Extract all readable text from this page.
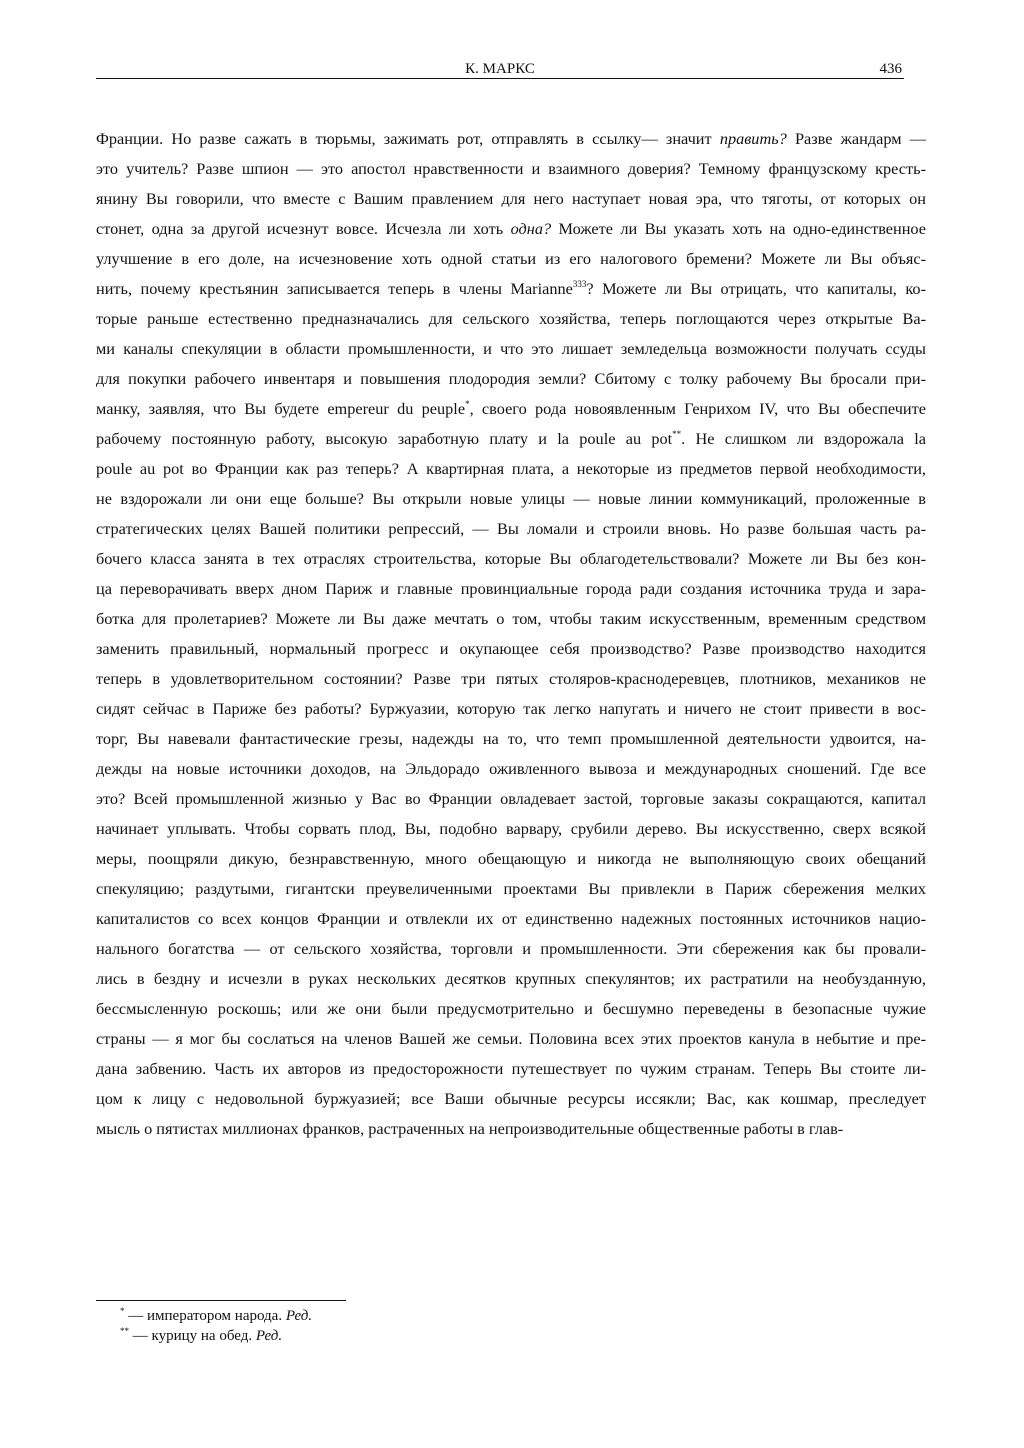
К. МАРКС	436
Франции. Но разве сажать в тюрьмы, зажимать рот, отправлять в ссылку— значит править? Разве жандарм —
это учитель? Разве шпион — это апостол нравственности и взаимного доверия? Темному французскому кресть-
янину Вы говорили, что вместе с Вашим правлением для него наступает новая эра, что тяготы, от которых он
стонет, одна за другой исчезнут вовсе. Исчезла ли хоть одна? Можете ли Вы указать хоть на одно-единственное
улучшение в его доле, на исчезновение хоть одной статьи из его налогового бремени? Можете ли Вы объяс-
нить, почему крестьянин записывается теперь в члены Marianne$^{333}$? Можете ли Вы отрицать, что капиталы, ко-
торые раньше естественно предназначались для сельского хозяйства, теперь поглощаются через открытые Ва-
ми каналы спекуляции в области промышленности, и что это лишает земледельца возможности получать ссуды
для покупки рабочего инвентаря и повышения плодородия земли? Сбитому с толку рабочему Вы бросали при-
манку, заявляя, что Вы будете empereur du peuple*, своего рода новоявленным Генрихом IV, что Вы обеспечите
рабочему постоянную работу, высокую заработную плату и la poule au pot**. Не слишком ли вздорожала la
poule au pot во Франции как раз теперь? А квартирная плата, а некоторые из предметов первой необходимости,
не вздорожали ли они еще больше? Вы открыли новые улицы — новые линии коммуникаций, проложенные в
стратегических целях Вашей политики репрессий, — Вы ломали и строили вновь. Но разве большая часть ра-
бочего класса занята в тех отраслях строительства, которые Вы облагодетельствовали? Можете ли Вы без кон-
ца переворачивать вверх дном Париж и главные провинциальные города ради создания источника труда и зара-
ботка для пролетариев? Можете ли Вы даже мечтать о том, чтобы таким искусственным, временным средством
заменить правильный, нормальный прогресс и окупающее себя производство? Разве производство находится
теперь в удовлетворительном состоянии? Разве три пятых столяров-краснодеревцев, плотников, механиков не
сидят сейчас в Париже без работы? Буржуазии, которую так легко напугать и ничего не стоит привести в вос-
торг, Вы навевали фантастические грезы, надежды на то, что темп промышленной деятельности удвоится, на-
дежды на новые источники доходов, на Эльдорадо оживленного вывоза и международных сношений. Где все
это? Всей промышленной жизнью у Вас во Франции овладевает застой, торговые заказы сокращаются, капитал
начинает уплывать. Чтобы сорвать плод, Вы, подобно варвару, срубили дерево. Вы искусственно, сверх всякой
меры, поощряли дикую, безнравственную, много обещающую и никогда не выполняющую своих обещаний
спекуляцию; раздутыми, гигантски преувеличенными проектами Вы привлекли в Париж сбережения мелких
капиталистов со всех концов Франции и отвлекли их от единственно надежных постоянных источников нацио-
нального богатства — от сельского хозяйства, торговли и промышленности. Эти сбережения как бы провали-
лись в бездну и исчезли в руках нескольких десятков крупных спекулянтов; их растратили на необузданную,
бессмысленную роскошь; или же они были предусмотрительно и бесшумно переведены в безопасные чужие
страны — я мог бы сослаться на членов Вашей же семьи. Половина всех этих проектов канула в небытие и пре-
дана забвению. Часть их авторов из предосторожности путешествует по чужим странам. Теперь Вы стоите ли-
цом к лицу с недовольной буржуазией; все Ваши обычные ресурсы иссякли; Вас, как кошмар, преследует
мысль о пятистах миллионах франков, растраченных на непроизводительные общественные работы в глав-
* — императором народа. Ред.
** — курицу на обед. Ред.
